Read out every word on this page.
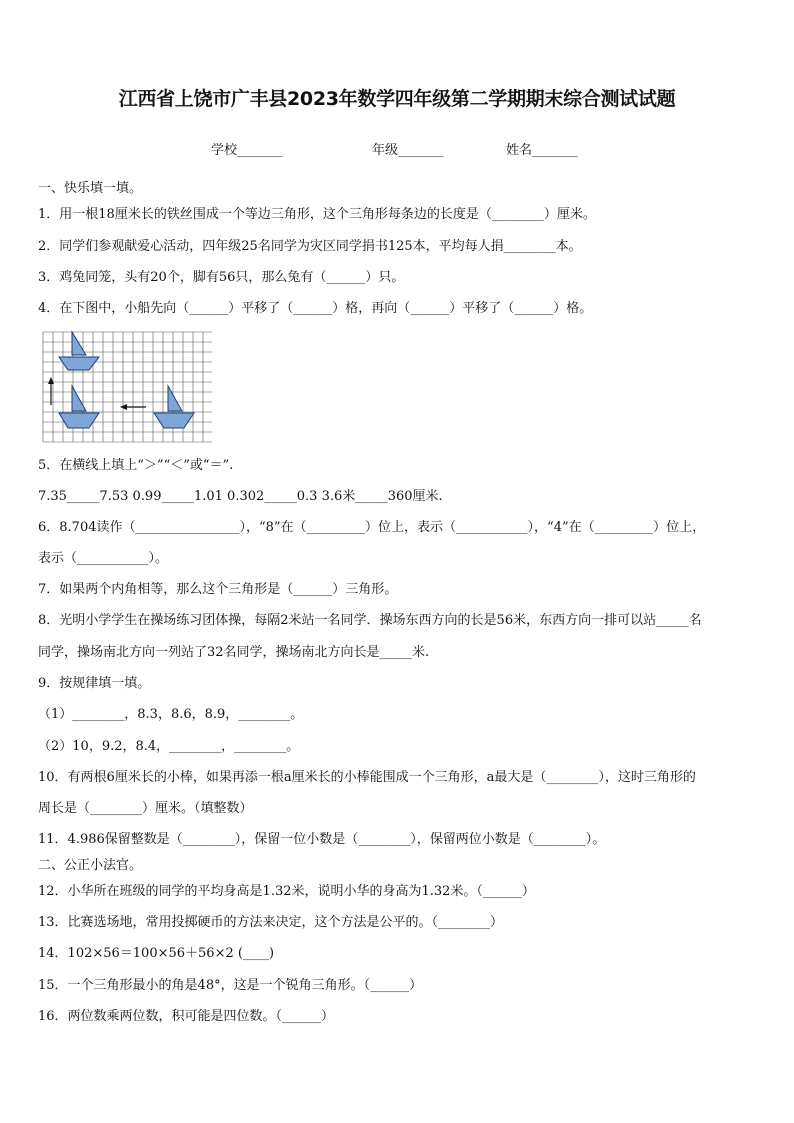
江西省上饶市广丰县2023年数学四年级第二学期期末综合测试试题
学校_______	年级_______	姓名_______
一、快乐填一填。
1．用一根18厘米长的铁丝围成一个等边三角形，这个三角形每条边的长度是（________）厘米。
2．同学们参观献爱心活动，四年级25名同学为灾区同学捐书125本，平均每人捐________本。
3．鸡兔同笼，头有20个，脚有56只，那么兔有（______）只。
4．在下图中，小船先向（______）平移了（______）格，再向（______）平移了（______）格。
5．在横线上填上“＞”“＜”或“＝”.
7.35_____7.53 0.99_____1.01 0.302_____0.3 3.6米_____360厘米.
6．8.704读作（________________），“8”在（_________）位上，表示（___________），“4”在（_________）位上，
表示（___________）。
7．如果两个内角相等，那么这个三角形是（______）三角形。
8．光明小学学生在操场练习团体操，每隔2米站一名同学．操场东西方向的长是56米，东西方向一排可以站_____名
同学，操场南北方向一列站了32名同学，操场南北方向长是_____米.
9．按规律填一填。
（1）________，8.3，8.6，8.9，________。
（2）10，9.2，8.4，________，________。
10．有两根6厘米长的小棒，如果再添一根a厘米长的小棒能围成一个三角形，a最大是（________），这时三角形的
周长是（________）厘米。（填整数）
11．4.986保留整数是（________），保留一位小数是（________），保留两位小数是（________）。
二、公正小法官。
12．小华所在班级的同学的平均身高是1.32米，说明小华的身高为1.32米。（______）
13．比赛选场地，常用投掷硬币的方法来决定，这个方法是公平的。（________）
14．102×56＝100×56＋56×2 (____)
15．一个三角形最小的角是48°，这是一个锐角三角形。（______）
16．两位数乘两位数，积可能是四位数。（______）
